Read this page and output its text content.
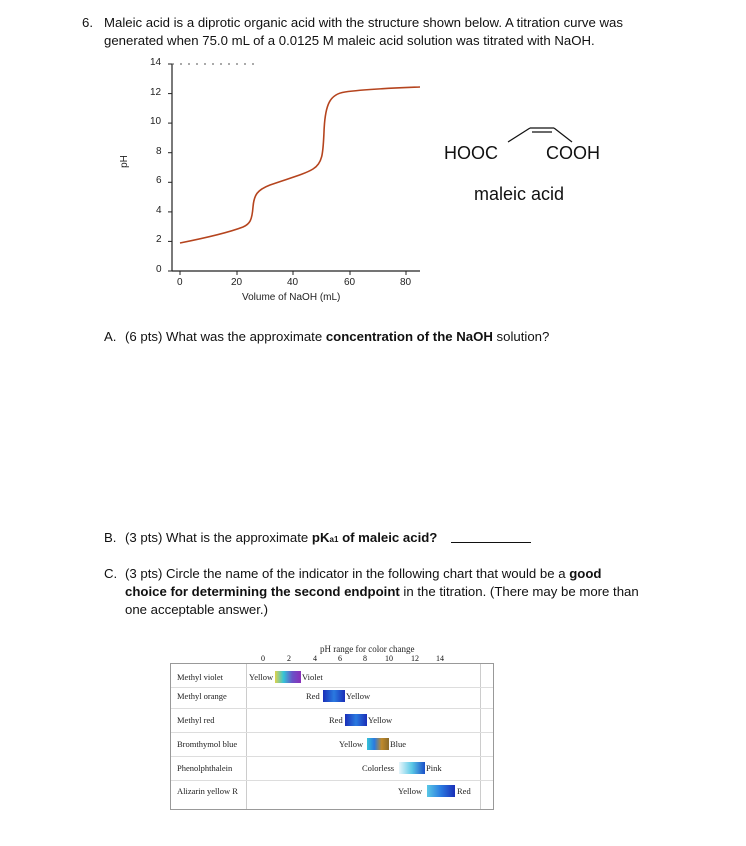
6. Maleic acid is a diprotic organic acid with the structure shown below. A titration curve was
generated when 75.0 mL of a 0.0125 M maleic acid solution was titrated with NaOH.
14
12
10
8
6
4
2
0
0	20	40	60	80
Volume of NaOH (mL)
pH	HOOC	COOH
maleic acid
A. (6 pts) What was the approximate concentration of the NaOH solution?
B. (3 pts) What is the approximate pKa1 of maleic acid?
C. (3 pts) Circle the name of the indicator in the following chart that would be a good
choice for determining the second endpoint in the titration. (There may be more than
one acceptable answer.)
pH range for color change
0	2	4	6	8 10 12 14
Methyl violet	Yellow	Violet
Methyl orange	Red	Yellow
Methyl red	Red	Yellow
Bromthymol blue	Yellow	Blue
Phenolphthalein	Colorless	Pink
Alizarin yellow R	Yellow	Red
